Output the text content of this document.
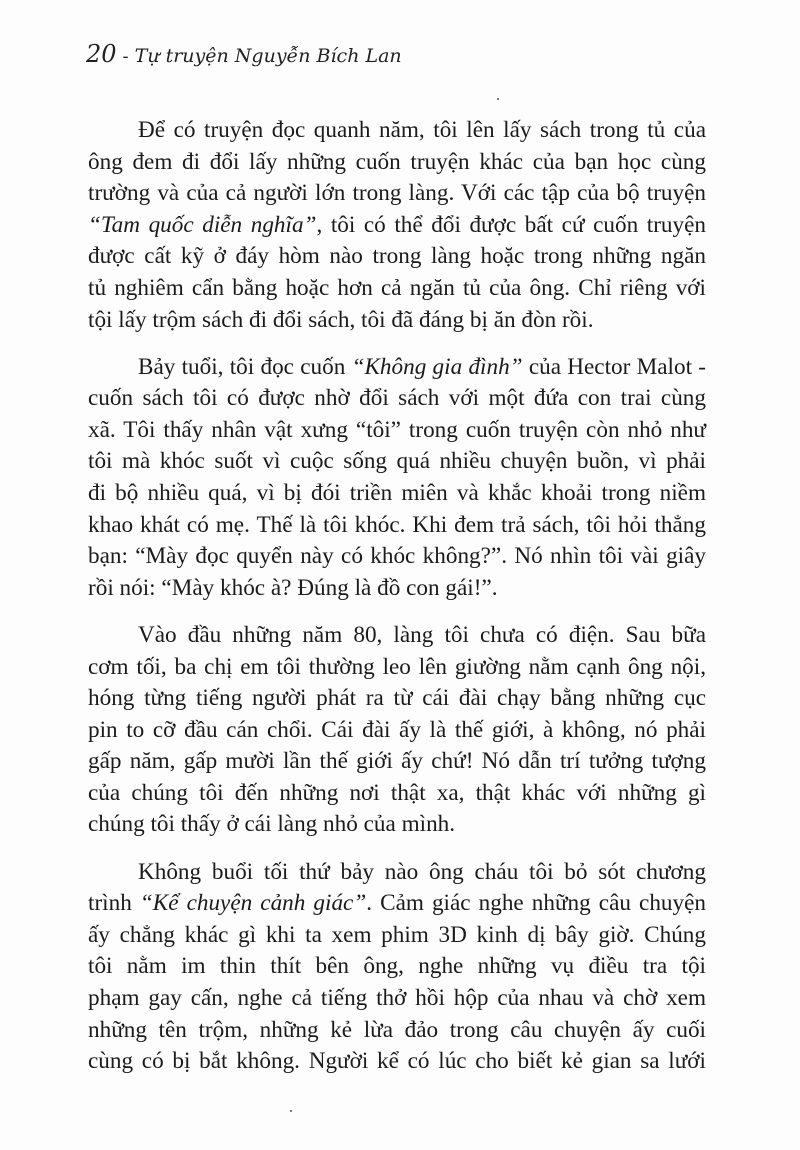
20 - Tự truyện Nguyễn Bích Lan
Để có truyện đọc quanh năm, tôi lên lấy sách trong tủ của
ông đem đi đổi lấy những cuốn truyện khác của bạn học cùng
trường và của cả người lớn trong làng. Với các tập của bộ truyện
“Tam quốc diễn nghĩa”, tôi có thể đổi được bất cứ cuốn truyện
được cất kỹ ở đáy hòm nào trong làng hoặc trong những ngăn
tủ nghiêm cẩn bằng hoặc hơn cả ngăn tủ của ông. Chỉ riêng với
tội lấy trộm sách đi đổi sách, tôi đã đáng bị ăn đòn rồi.
Bảy tuổi, tôi đọc cuốn “Không gia đình” của Hector Malot -
cuốn sách tôi có được nhờ đổi sách với một đứa con trai cùng
xã. Tôi thấy nhân vật xưng “tôi” trong cuốn truyện còn nhỏ như
tôi mà khóc suốt vì cuộc sống quá nhiều chuyện buồn, vì phải
đi bộ nhiều quá, vì bị đói triền miên và khắc khoải trong niềm
khao khát có mẹ. Thế là tôi khóc. Khi đem trả sách, tôi hỏi thẳng
bạn: “Mày đọc quyển này có khóc không?”. Nó nhìn tôi vài giây
rồi nói: “Mày khóc à? Đúng là đồ con gái!”.
Vào đầu những năm 80, làng tôi chưa có điện. Sau bữa
cơm tối, ba chị em tôi thường leo lên giường nằm cạnh ông nội,
hóng từng tiếng người phát ra từ cái đài chạy bằng những cục
pin to cỡ đầu cán chổi. Cái đài ấy là thế giới, à không, nó phải
gấp năm, gấp mười lần thế giới ấy chứ! Nó dẫn trí tưởng tượng
của chúng tôi đến những nơi thật xa, thật khác với những gì
chúng tôi thấy ở cái làng nhỏ của mình.
Không buổi tối thứ bảy nào ông cháu tôi bỏ sót chương
trình “Kể chuyện cảnh giác”. Cảm giác nghe những câu chuyện
ấy chẳng khác gì khi ta xem phim 3D kinh dị bây giờ. Chúng
tôi nằm im thin thít bên ông, nghe những vụ điều tra tội
phạm gay cấn, nghe cả tiếng thở hồi hộp của nhau và chờ xem
những tên trộm, những kẻ lừa đảo trong câu chuyện ấy cuối
cùng có bị bắt không. Người kể có lúc cho biết kẻ gian sa lưới
